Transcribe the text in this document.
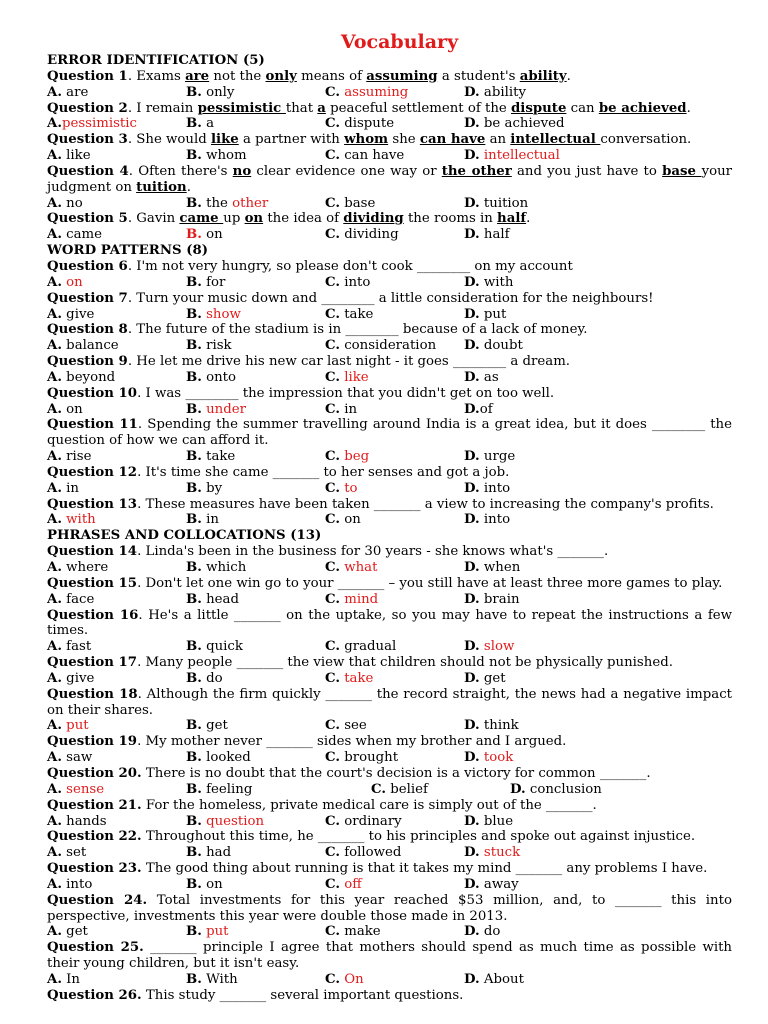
Vocabulary
ERROR IDENTIFICATION (5)
Question 1. Exams are not the only means of assuming a student's ability.
A. are	B. only	C. assuming	D. ability
Question 2. I remain pessimistic that a peaceful settlement of the dispute can be achieved.
A.pessimistic	B. a	C. dispute	D. be achieved
Question 3. She would like a partner with whom she can have an intellectual conversation.
A. like	B. whom	C. can have	D. intellectual
Question 4. Often there's no clear evidence one way or the other and you just have to base your judgment on tuition.
A. no	B. the other	C. base	D. tuition
Question 5. Gavin came up on the idea of dividing the rooms in half.
A. came	B. on	C. dividing	D. half
WORD PATTERNS (8)
Question 6. I'm not very hungry, so please don't cook ________ on my account
A. on	B. for	C. into	D. with
Question 7. Turn your music down and ________ a little consideration for the neighbours!
A. give	B. show	C. take	D. put
Question 8. The future of the stadium is in ________ because of a lack of money.
A. balance	B. risk	C. consideration D. doubt
Question 9. He let me drive his new car last night - it goes ________ a dream.
A. beyond	B. onto	C. like	D. as
Question 10. I was ________ the impression that you didn't get on too well.
A. on	B. under	C. in	D.of
Question 11. Spending the summer travelling around India is a great idea, but it does ________ the question of how we can afford it.
A. rise	B. take	C. beg	D. urge
Question 12. It's time she came _______ to her senses and got a job.
A. in	B. by	C. to	D. into
Question 13. These measures have been taken _______ a view to increasing the company's profits.
A. with	B. in	C. on	D. into
PHRASES AND COLLOCATIONS (13)
Question 14. Linda's been in the business for 30 years - she knows what's _______.
A. where	B. which	C. what	D. when
Question 15. Don't let one win go to your _______ – you still have at least three more games to play.
A. face	B. head	C. mind	D. brain
Question 16. He's a little _______ on the uptake, so you may have to repeat the instructions a few times.
A. fast	B. quick	C. gradual	D. slow
Question 17. Many people _______ the view that children should not be physically punished.
A. give	B. do	C. take	D. get
Question 18. Although the firm quickly _______ the record straight, the news had a negative impact on their shares.
A. put	B. get	C. see	D. think
Question 19. My mother never _______ sides when my brother and I argued.
A. saw	B. looked	C. brought	D. took
Question 20. There is no doubt that the court's decision is a victory for common _______.
A. sense	B. feeling	C. belief	D. conclusion
Question 21. For the homeless, private medical care is simply out of the _______.
A. hands	B. question	C. ordinary	D. blue
Question 22. Throughout this time, he _______ to his principles and spoke out against injustice.
A. set	B. had	C. followed	D. stuck
Question 23. The good thing about running is that it takes my mind _______ any problems I have.
A. into	B. on	C. off	D. away
Question 24. Total investments for this year reached $53 million, and, to _______ this into perspective, investments this year were double those made in 2013.
A. get	B. put	C. make	D. do
Question 25. _______ principle I agree that mothers should spend as much time as possible with their young children, but it isn't easy.
A. In	B. With	C. On	D. About
Question 26. This study _______ several important questions.
